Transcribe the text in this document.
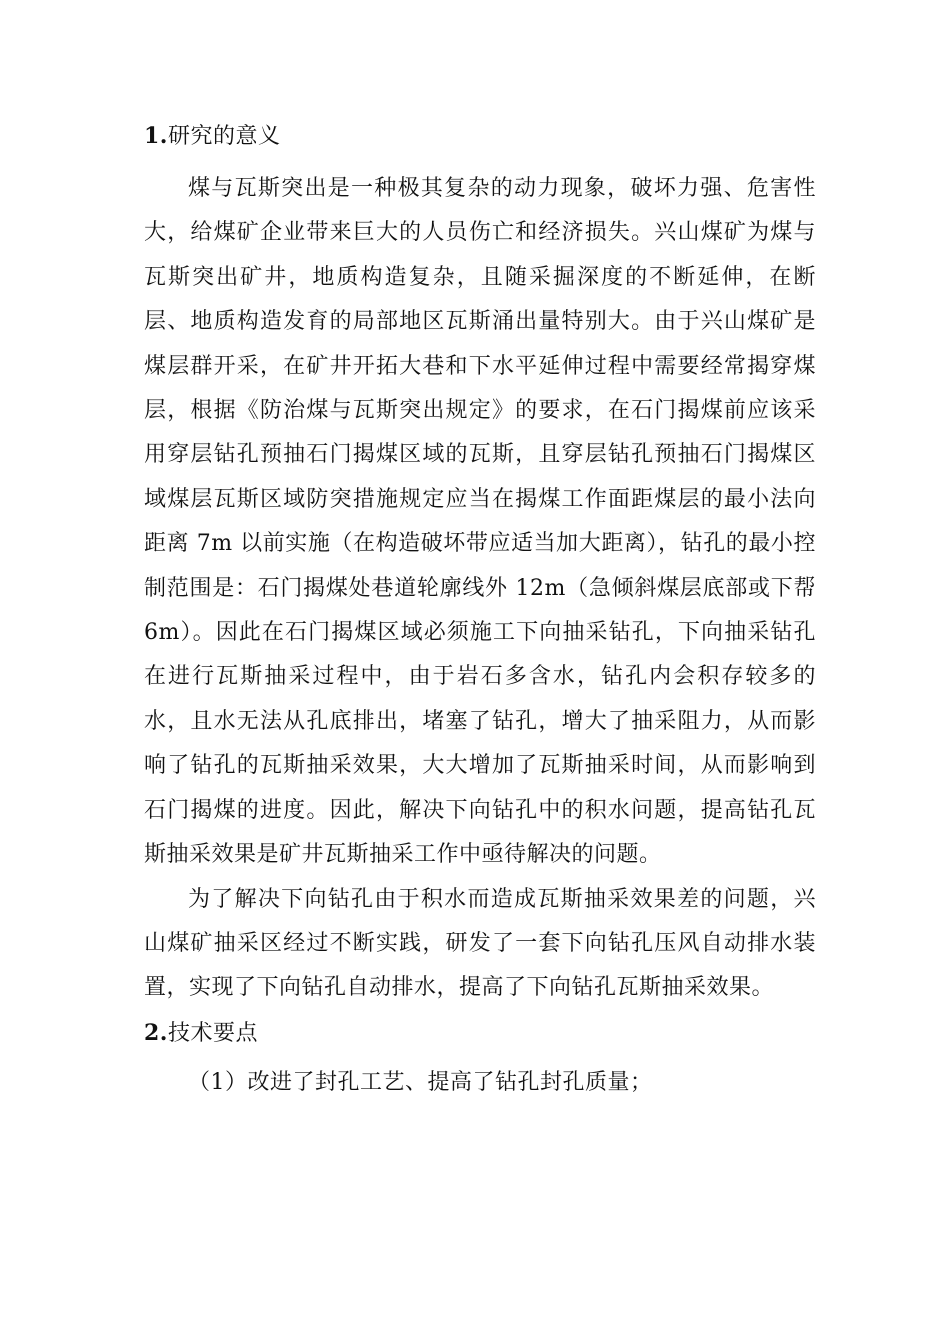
1.研究的意义

煤与瓦斯突出是一种极其复杂的动力现象，破坏力强、危害性大，给煤矿企业带来巨大的人员伤亡和经济损失。兴山煤矿为煤与瓦斯突出矿井，地质构造复杂，且随采掘深度的不断延伸，在断层、地质构造发育的局部地区瓦斯涌出量特别大。由于兴山煤矿是煤层群开采，在矿井开拓大巷和下水平延伸过程中需要经常揭穿煤层，根据《防治煤与瓦斯突出规定》的要求，在石门揭煤前应该采用穿层钻孔预抽石门揭煤区域的瓦斯，且穿层钻孔预抽石门揭煤区域煤层瓦斯区域防突措施规定应当在揭煤工作面距煤层的最小法向距离 7m 以前实施（在构造破坏带应适当加大距离），钻孔的最小控制范围是：石门揭煤处巷道轮廓线外 12m（急倾斜煤层底部或下帮 6m）。因此在石门揭煤区域必须施工下向抽采钻孔，下向抽采钻孔在进行瓦斯抽采过程中，由于岩石多含水，钻孔内会积存较多的水，且水无法从孔底排出，堵塞了钻孔，增大了抽采阻力，从而影响了钻孔的瓦斯抽采效果，大大增加了瓦斯抽采时间，从而影响到石门揭煤的进度。因此，解决下向钻孔中的积水问题，提高钻孔瓦斯抽采效果是矿井瓦斯抽采工作中亟待解决的问题。

为了解决下向钻孔由于积水而造成瓦斯抽采效果差的问题，兴山煤矿抽采区经过不断实践，研发了一套下向钻孔压风自动排水装置，实现了下向钻孔自动排水，提高了下向钻孔瓦斯抽采效果。

2.技术要点

（1）改进了封孔工艺、提高了钻孔封孔质量；
